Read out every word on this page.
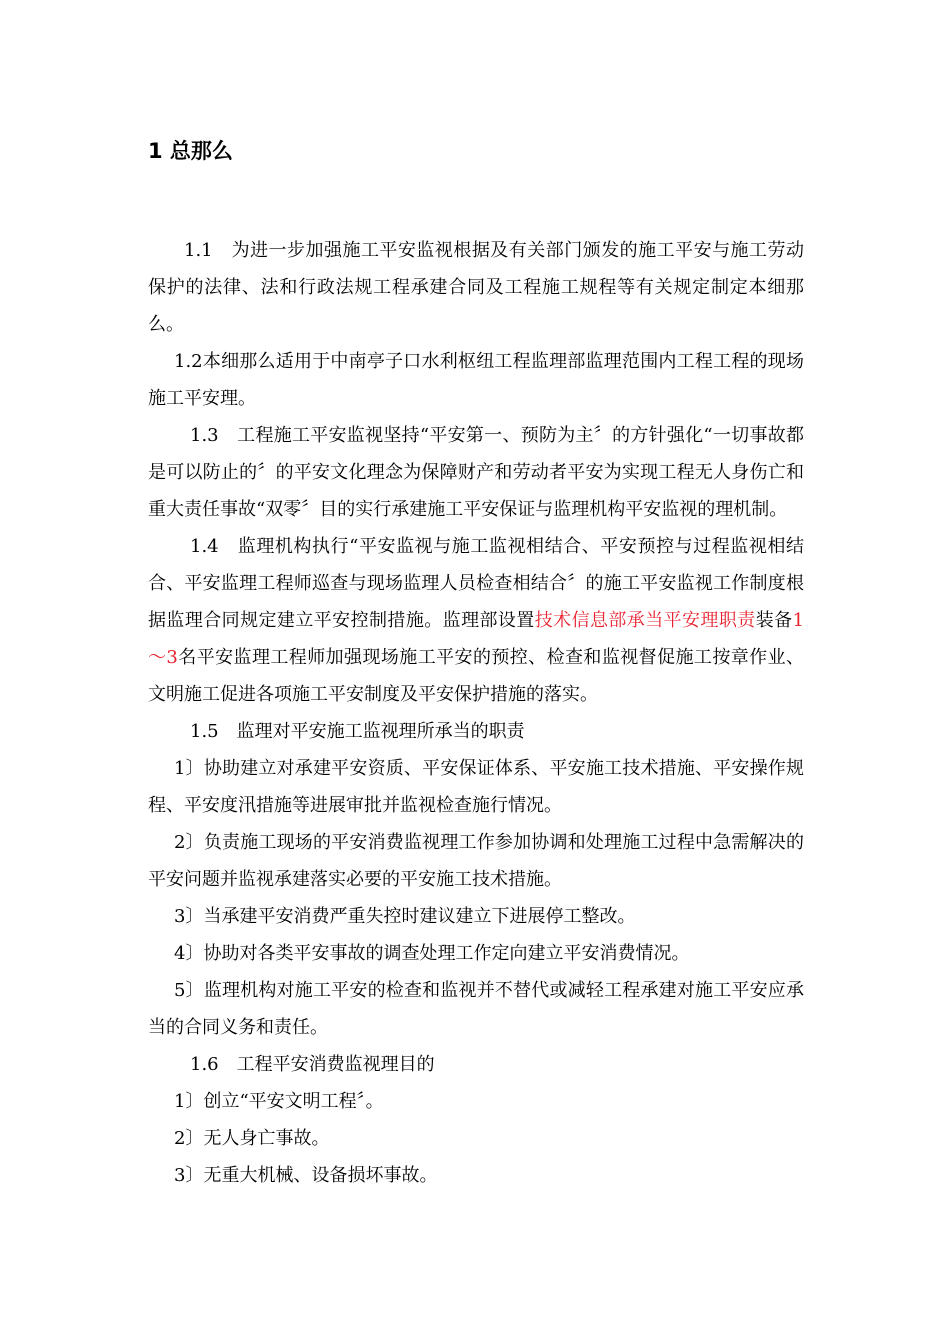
1 总那么

1.1　为进一步加强施工平安监视根据及有关部门颁发的施工平安与施工劳动保护的法律、法和行政法规工程承建合同及工程施工规程等有关规定制定本细那么。

1.2本细那么适用于中南亭子口水利枢纽工程监理部监理范围内工程工程的现场施工平安理。

1.3　工程施工平安监视坚持“平安第一、预防为主〞的方针强化“一切事故都是可以防止的〞的平安文化理念为保障财产和劳动者平安为实现工程无人身伤亡和重大责任事故“双零〞目的实行承建施工平安保证与监理机构平安监视的理机制。

1.4　监理机构执行“平安监视与施工监视相结合、平安预控与过程监视相结合、平安监理工程师巡查与现场监理人员检查相结合〞的施工平安监视工作制度根据监理合同规定建立平安控制措施。监理部设置技术信息部承当平安理职责装备1～3名平安监理工程师加强现场施工平安的预控、检查和监视督促施工按章作业、文明施工促进各项施工平安制度及平安保护措施的落实。

1.5　监理对平安施工监视理所承当的职责

1〕协助建立对承建平安资质、平安保证体系、平安施工技术措施、平安操作规程、平安度汛措施等进展审批并监视检查施行情况。

2〕负责施工现场的平安消费监视理工作参加协调和处理施工过程中急需解决的平安问题并监视承建落实必要的平安施工技术措施。

3〕当承建平安消费严重失控时建议建立下进展停工整改。

4〕协助对各类平安事故的调查处理工作定向建立平安消费情况。

5〕监理机构对施工平安的检查和监视并不替代或减轻工程承建对施工平安应承当的合同义务和责任。

1.6　工程平安消费监视理目的

1〕创立“平安文明工程〞。

2〕无人身亡事故。

3〕无重大机械、设备损坏事故。
